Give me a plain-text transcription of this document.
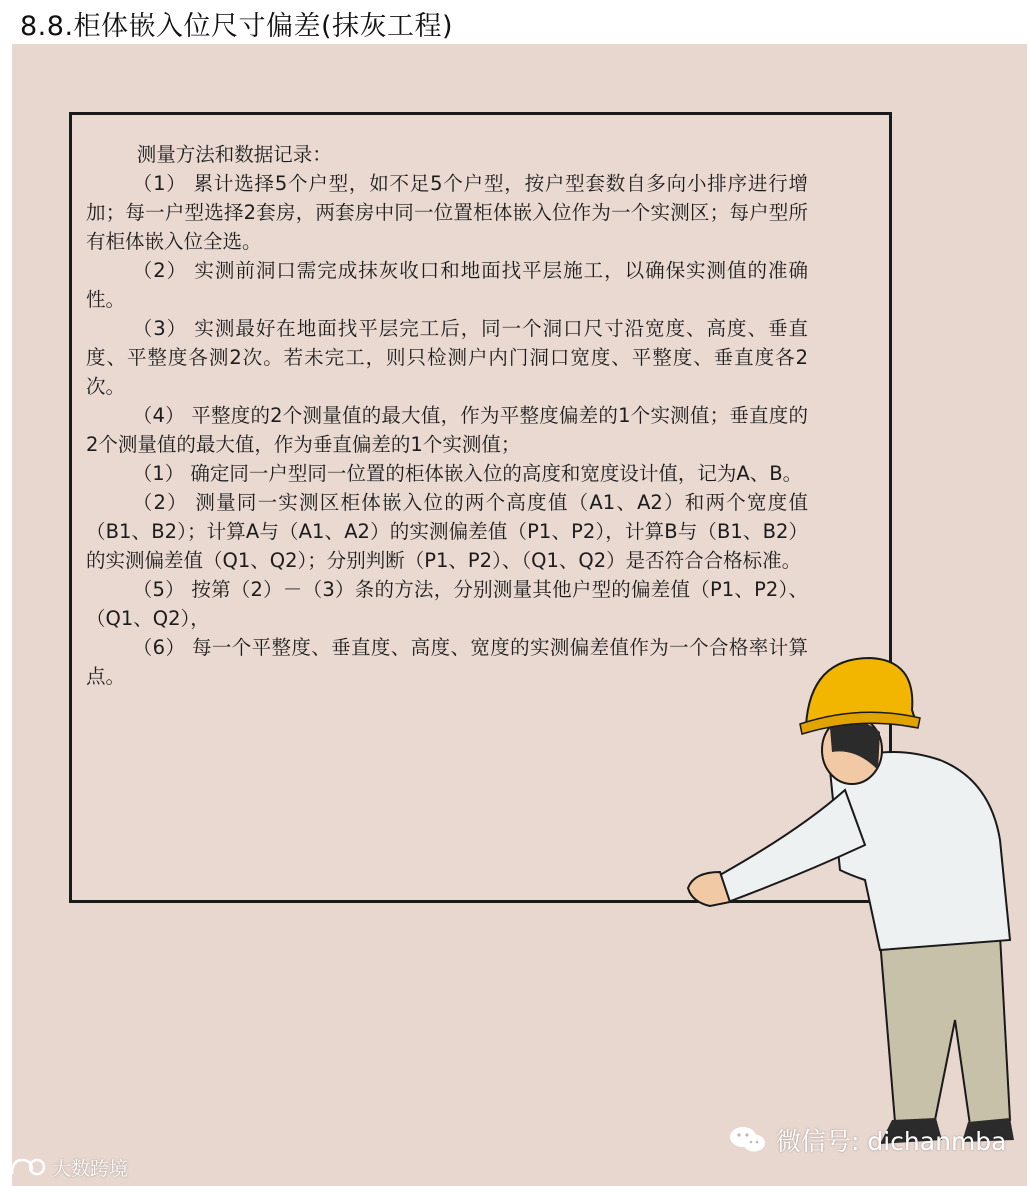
8.8.柜体嵌入位尺寸偏差(抹灰工程)

测量方法和数据记录：

（1） 累计选择5个户型，如不足5个户型，按户型套数自多向小排序进行增加；每一户型选择2套房，两套房中同一位置柜体嵌入位作为一个实测区；每户型所有柜体嵌入位全选。

（2） 实测前洞口需完成抹灰收口和地面找平层施工，以确保实测值的准确性。

（3） 实测最好在地面找平层完工后，同一个洞口尺寸沿宽度、高度、垂直度、平整度各测2次。若未完工，则只检测户内门洞口宽度、平整度、垂直度各2次。

（4） 平整度的2个测量值的最大值，作为平整度偏差的1个实测值；垂直度的2个测量值的最大值，作为垂直偏差的1个实测值；

（1） 确定同一户型同一位置的柜体嵌入位的高度和宽度设计值，记为A、B。

（2） 测量同一实测区柜体嵌入位的两个高度值（A1、A2）和两个宽度值（B1、B2）；计算A与（A1、A2）的实测偏差值（P1、P2），计算B与（B1、B2）的实测偏差值（Q1、Q2）；分别判断（P1、P2）、（Q1、Q2）是否符合合格标准。

（5） 按第（2）－（3）条的方法，分别测量其他户型的偏差值（P1、P2）、（Q1、Q2），

（6） 每一个平整度、垂直度、高度、宽度的实测偏差值作为一个合格率计算点。

微信号: dichanmba
大数跨境
